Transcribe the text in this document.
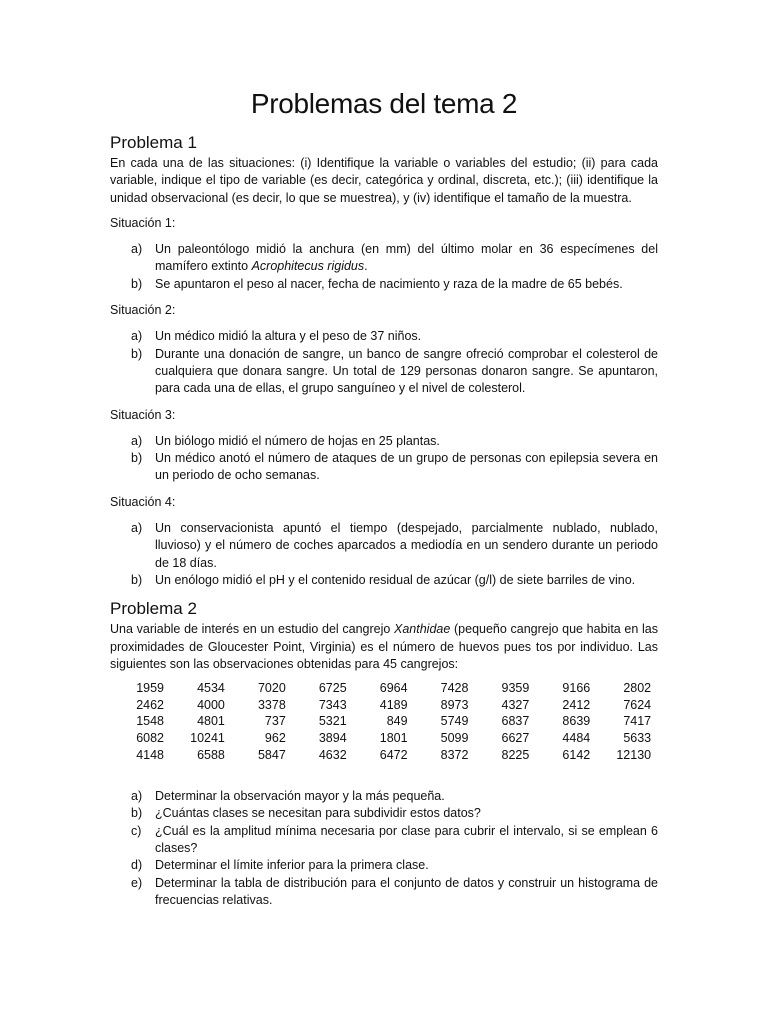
Problemas del tema 2
Problema 1

En cada una de las situaciones: (i) Identifique la variable o variables del estudio; (ii) para cada variable, indique el tipo de variable (es decir, categórica y ordinal, discreta, etc.); (iii) identifique la unidad observacional (es decir, lo que se muestrea), y (iv) identifique el tamaño de la muestra.

Situación 1:
a) Un paleontólogo midió la anchura (en mm) del último molar en 36 especímenes del mamífero extinto Acrophitecus rigidus.
b) Se apuntaron el peso al nacer, fecha de nacimiento y raza de la madre de 65 bebés.
Situación 2:
a) Un médico midió la altura y el peso de 37 niños.
b) Durante una donación de sangre, un banco de sangre ofreció comprobar el colesterol de cualquiera que donara sangre. Un total de 129 personas donaron sangre. Se apuntaron, para cada una de ellas, el grupo sanguíneo y el nivel de colesterol.
Situación 3:
a) Un biólogo midió el número de hojas en 25 plantas.
b) Un médico anotó el número de ataques de un grupo de personas con epilepsia severa en un periodo de ocho semanas.
Situación 4:
a) Un conservacionista apuntó el tiempo (despejado, parcialmente nublado, nublado, lluvioso) y el número de coches aparcados a mediodía en un sendero durante un periodo de 18 días.
b) Un enólogo midió el pH y el contenido residual de azúcar (g/l) de siete barriles de vino.
Problema 2

Una variable de interés en un estudio del cangrejo Xanthidae (pequeño cangrejo que habita en las proximidades de Gloucester Point, Virginia) es el número de huevos pues tos por individuo. Las siguientes son las observaciones obtenidas para 45 cangrejos:

1959	4534	7020	6725	6964	7428	9359	9166	2802
2462	4000	3378	7343	4189	8973	4327	2412	7624
1548	4801	737	5321	849	5749	6837	8639	7417
6082	10241	962	3894	1801	5099	6627	4484	5633
4148	6588	5847	4632	6472	8372	8225	6142	12130
a) Determinar la observación mayor y la más pequeña.
b) ¿Cuántas clases se necesitan para subdividir estos datos?
c) ¿Cuál es la amplitud mínima necesaria por clase para cubrir el intervalo, si se emplean 6 clases?
d) Determinar el límite inferior para la primera clase.
e) Determinar la tabla de distribución para el conjunto de datos y construir un histograma de frecuencias relativas.
